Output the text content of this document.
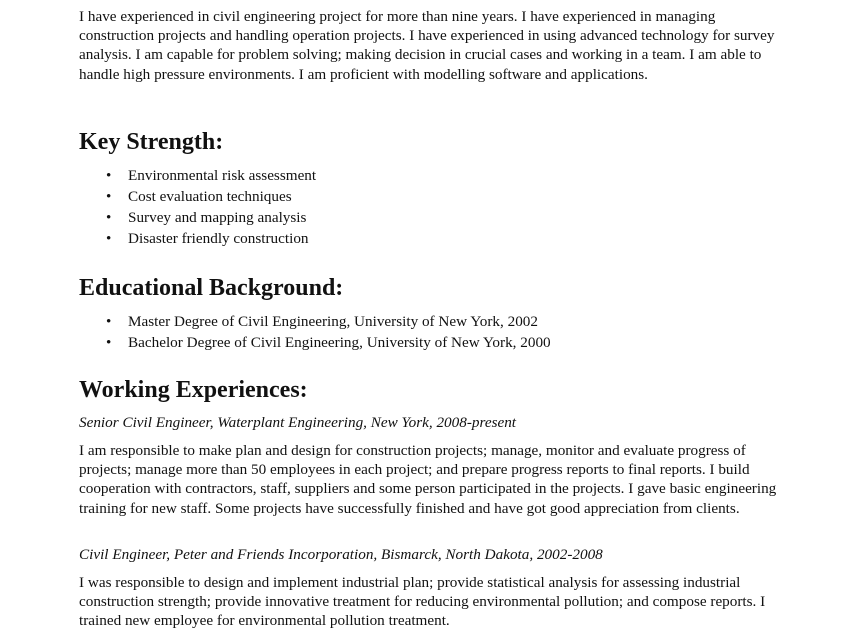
I have experienced in civil engineering project for more than nine years. I have experienced in managing construction projects and handling operation projects. I have experienced in using advanced technology for survey analysis. I am capable for problem solving; making decision in crucial cases and working in a team. I am able to handle high pressure environments. I am proficient with modelling software and applications.

Key Strength:
• Environmental risk assessment
• Cost evaluation techniques
• Survey and mapping analysis
• Disaster friendly construction
Educational Background:
• Master Degree of Civil Engineering, University of New York, 2002
• Bachelor Degree of Civil Engineering, University of New York, 2000
Working Experiences:
Senior Civil Engineer, Waterplant Engineering, New York, 2008-present

I am responsible to make plan and design for construction projects; manage, monitor and evaluate progress of projects; manage more than 50 employees in each project; and prepare progress reports to final reports. I build cooperation with contractors, staff, suppliers and some person participated in the projects. I gave basic engineering training for new staff. Some projects have successfully finished and have got good appreciation from clients.

Civil Engineer, Peter and Friends Incorporation, Bismarck, North Dakota, 2002-2008

I was responsible to design and implement industrial plan; provide statistical analysis for assessing industrial construction strength; provide innovative treatment for reducing environmental pollution; and compose reports. I trained new employee for environmental pollution treatment.
